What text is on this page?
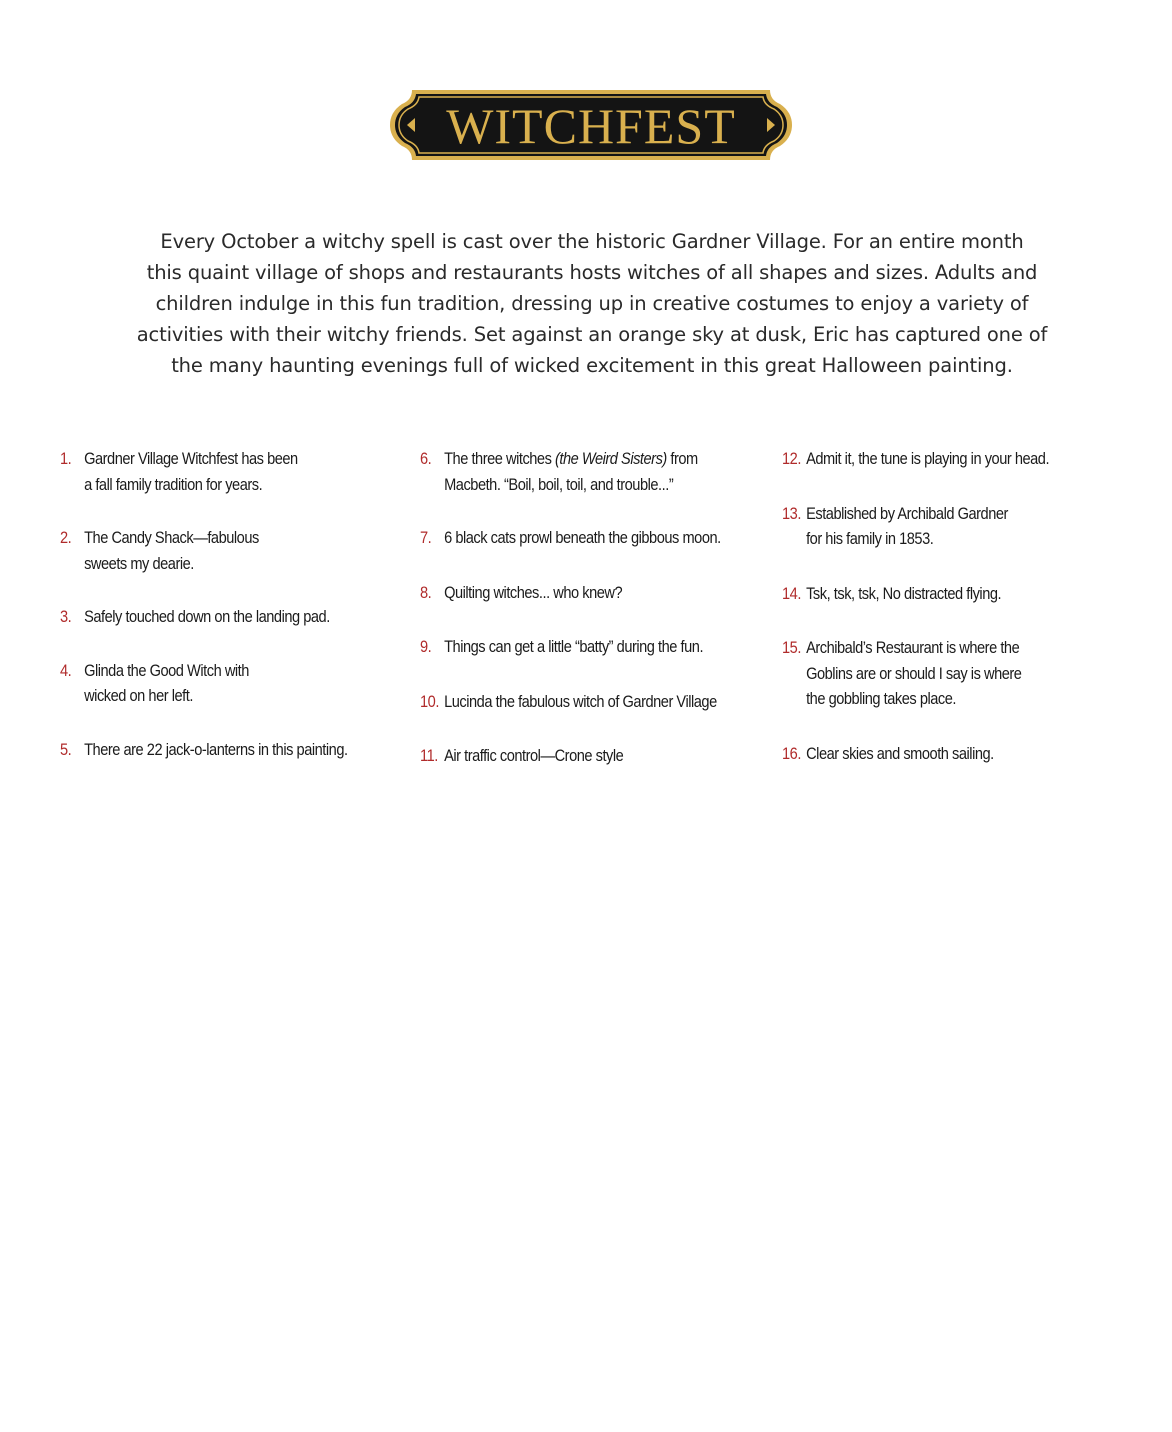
WITCHFEST

Every October a witchy spell is cast over the historic Gardner Village. For an entire month
this quaint village of shops and restaurants hosts witches of all shapes and sizes. Adults and
children indulge in this fun tradition, dressing up in creative costumes to enjoy a variety of
activities with their witchy friends. Set against an orange sky at dusk, Eric has captured one of
the many haunting evenings full of wicked excitement in this great Halloween painting.

1. Gardner Village Witchfest has been
a fall family tradition for years.
2. The Candy Shack—fabulous
sweets my dearie.
3. Safely touched down on the landing pad.
4. Glinda the Good Witch with
wicked on her left.
5. There are 22 jack-o-lanterns in this painting.
6. The three witches (the Weird Sisters) from
Macbeth. “Boil, boil, toil, and trouble...”
7. 6 black cats prowl beneath the gibbous moon.
8. Quilting witches... who knew?
9. Things can get a little “batty” during the fun.
10. Lucinda the fabulous witch of Gardner Village
11. Air traffic control—Crone style
12. Admit it, the tune is playing in your head.
13. Established by Archibald Gardner
for his family in 1853.
14. Tsk, tsk, tsk, No distracted flying.
15. Archibald’s Restaurant is where the
Goblins are or should I say is where
the gobbling takes place.
16. Clear skies and smooth sailing.
